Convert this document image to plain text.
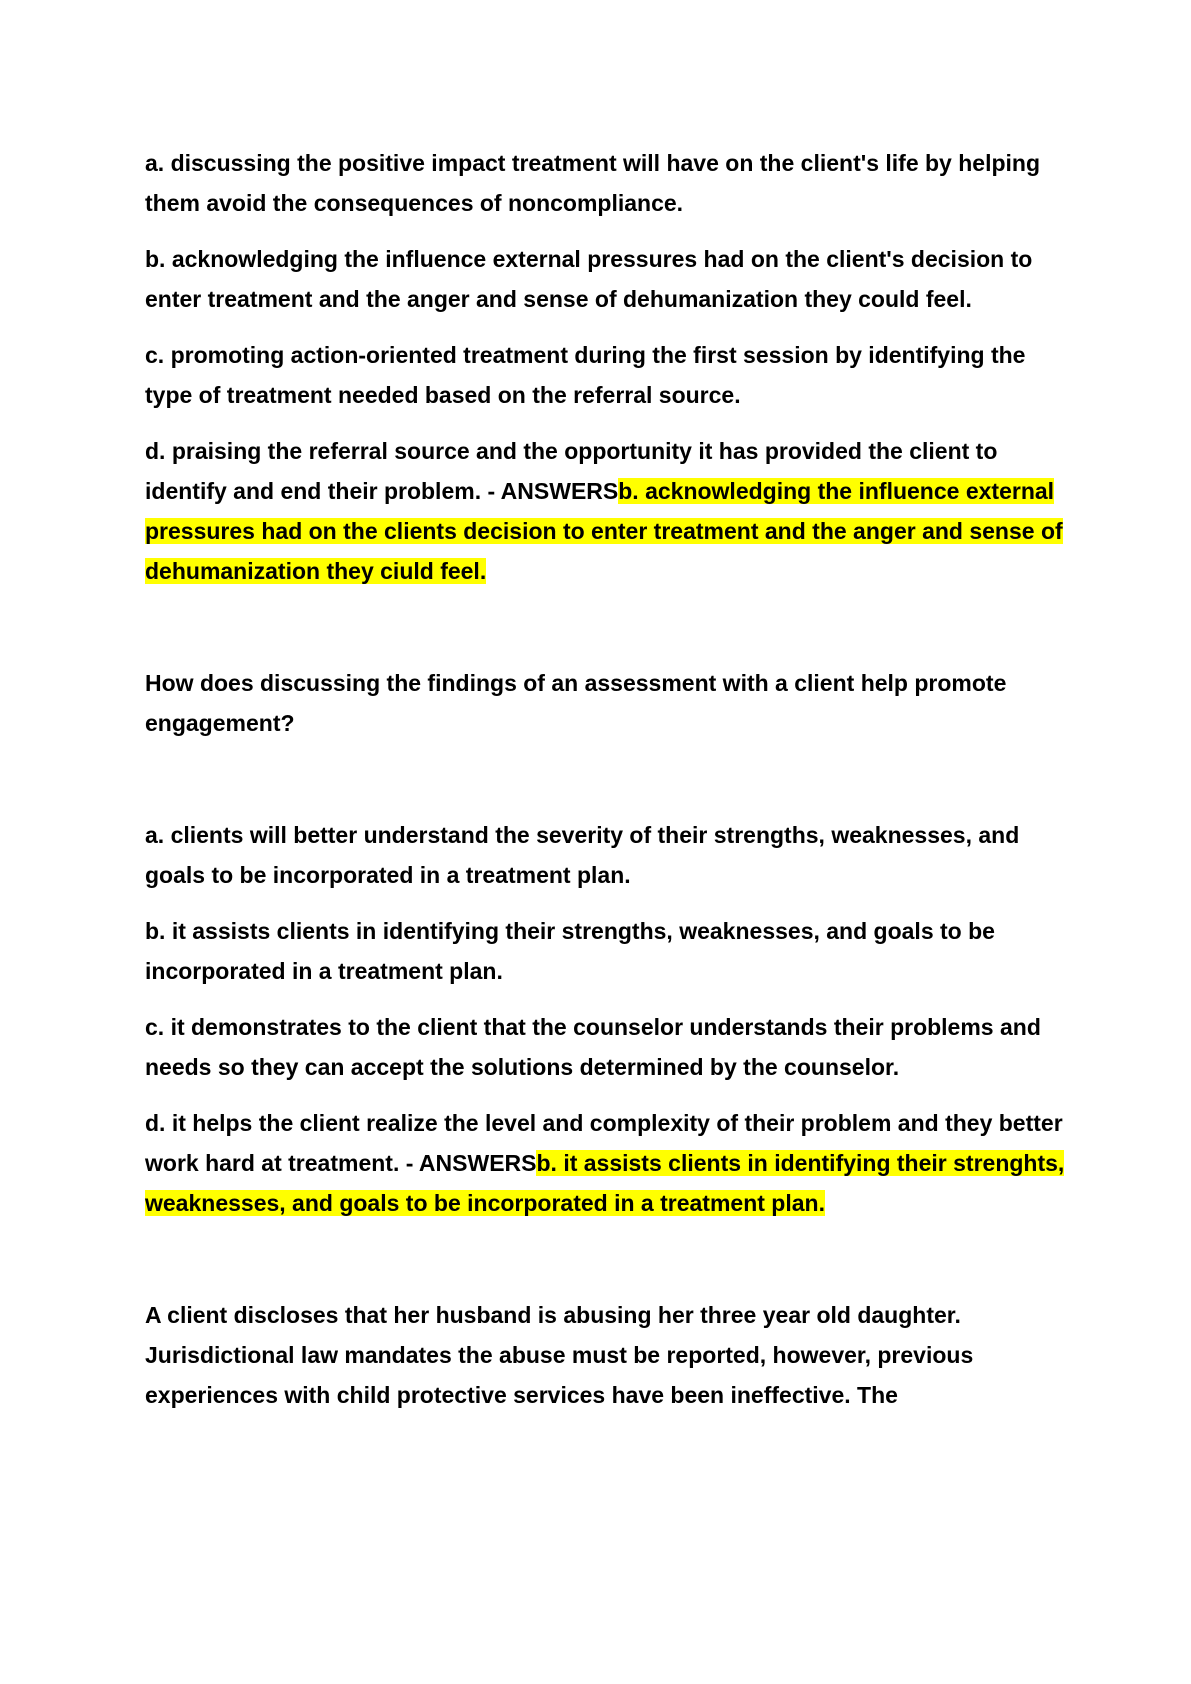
a. discussing the positive impact treatment will have on the client's life by helping them avoid the consequences of noncompliance.

b. acknowledging the influence external pressures had on the client's decision to enter treatment and the anger and sense of dehumanization they could feel.

c. promoting action-oriented treatment during the first session by identifying the type of treatment needed based on the referral source.

d. praising the referral source and the opportunity it has provided the client to identify and end their problem. - ANSWERSb. acknowledging the influence external pressures had on the clients decision to enter treatment and the anger and sense of dehumanization they ciuld feel.

How does discussing the findings of an assessment with a client help promote engagement?

a. clients will better understand the severity of their strengths, weaknesses, and goals to be incorporated in a treatment plan.

b. it assists clients in identifying their strengths, weaknesses, and goals to be incorporated in a treatment plan.

c. it demonstrates to the client that the counselor understands their problems and needs so they can accept the solutions determined by the counselor.

d. it helps the client realize the level and complexity of their problem and they better work hard at treatment. - ANSWERSb. it assists clients in identifying their strenghts, weaknesses, and goals to be incorporated in a treatment plan.

A client discloses that her husband is abusing her three year old daughter. Jurisdictional law mandates the abuse must be reported, however, previous experiences with child protective services have been ineffective. The
